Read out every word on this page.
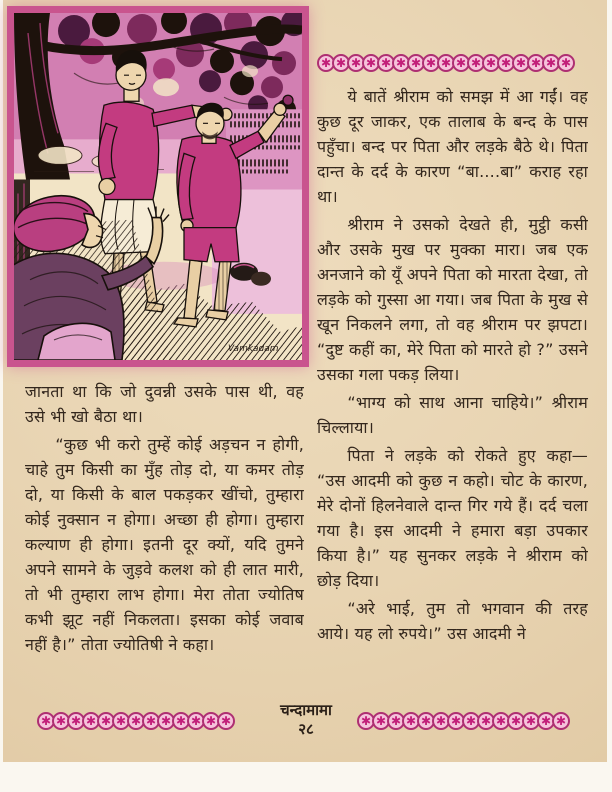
Vamkadam
✱ ✱ ✱ ✱ ✱ ✱ ✱ ✱ ✱ ✱ ✱ ✱ ✱ ✱ ✱ ✱ ✱
✱ ✱ ✱ ✱ ✱ ✱ ✱ ✱ ✱ ✱ ✱ ✱ ✱	✱ ✱ ✱ ✱ ✱ ✱ ✱ ✱ ✱ ✱ ✱ ✱ ✱ ✱

ये बातें श्रीराम को समझ में आ गईं। वह कुछ दूर जाकर, एक तालाब के बन्द के पास पहुँचा। बन्द पर पिता और लड़के बैठे थे। पिता दान्त के दर्द के कारण “बा....बा” कराह रहा था।

श्रीराम ने उसको देखते ही, मुट्ठी कसी और उसके मुख पर मुक्का मारा। जब एक अनजाने को यूँ अपने पिता को मारता देखा, तो लड़के को गुस्सा आ गया। जब पिता के मुख से खून निकलने लगा, तो वह श्रीराम पर झपटा। “दुष्ट कहीं का, मेरे पिता को मारते हो ?” उसने उसका गला पकड़ लिया।

“भाग्य को साथ आना चाहिये।” श्रीराम चिल्लाया।

पिता ने लड़के को रोकते हुए कहा— “उस आदमी को कुछ न कहो। चोट के कारण, मेरे दोनों हिलनेवाले दान्त गिर गये हैं। दर्द चला गया है। इस आदमी ने हमारा बड़ा उपकार किया है।” यह सुनकर लड़के ने श्रीराम को छोड़ दिया।

“अरे भाई, तुम तो भगवान की तरह आये। यह लो रुपये।” उस आदमी ने

जानता था कि जो दुवन्नी उसके पास थी, वह उसे भी खो बैठा था।

“कुछ भी करो तुम्हें कोई अड़चन न होगी, चाहे तुम किसी का मुँह तोड़ दो, या कमर तोड़ दो, या किसी के बाल पकड़कर खींचो, तुम्हारा कोई नुक्सान न होगा। अच्छा ही होगा। तुम्हारा कल्याण ही होगा। इतनी दूर क्यों, यदि तुमने अपने सामने के जुड़वे कलश को ही लात मारी, तो भी तुम्हारा लाभ होगा। मेरा तोता ज्योतिष कभी झूट नहीं निकलता। इसका कोई जवाब नहीं है।” तोता ज्योतिषी ने कहा।

चन्दामामा
२८
